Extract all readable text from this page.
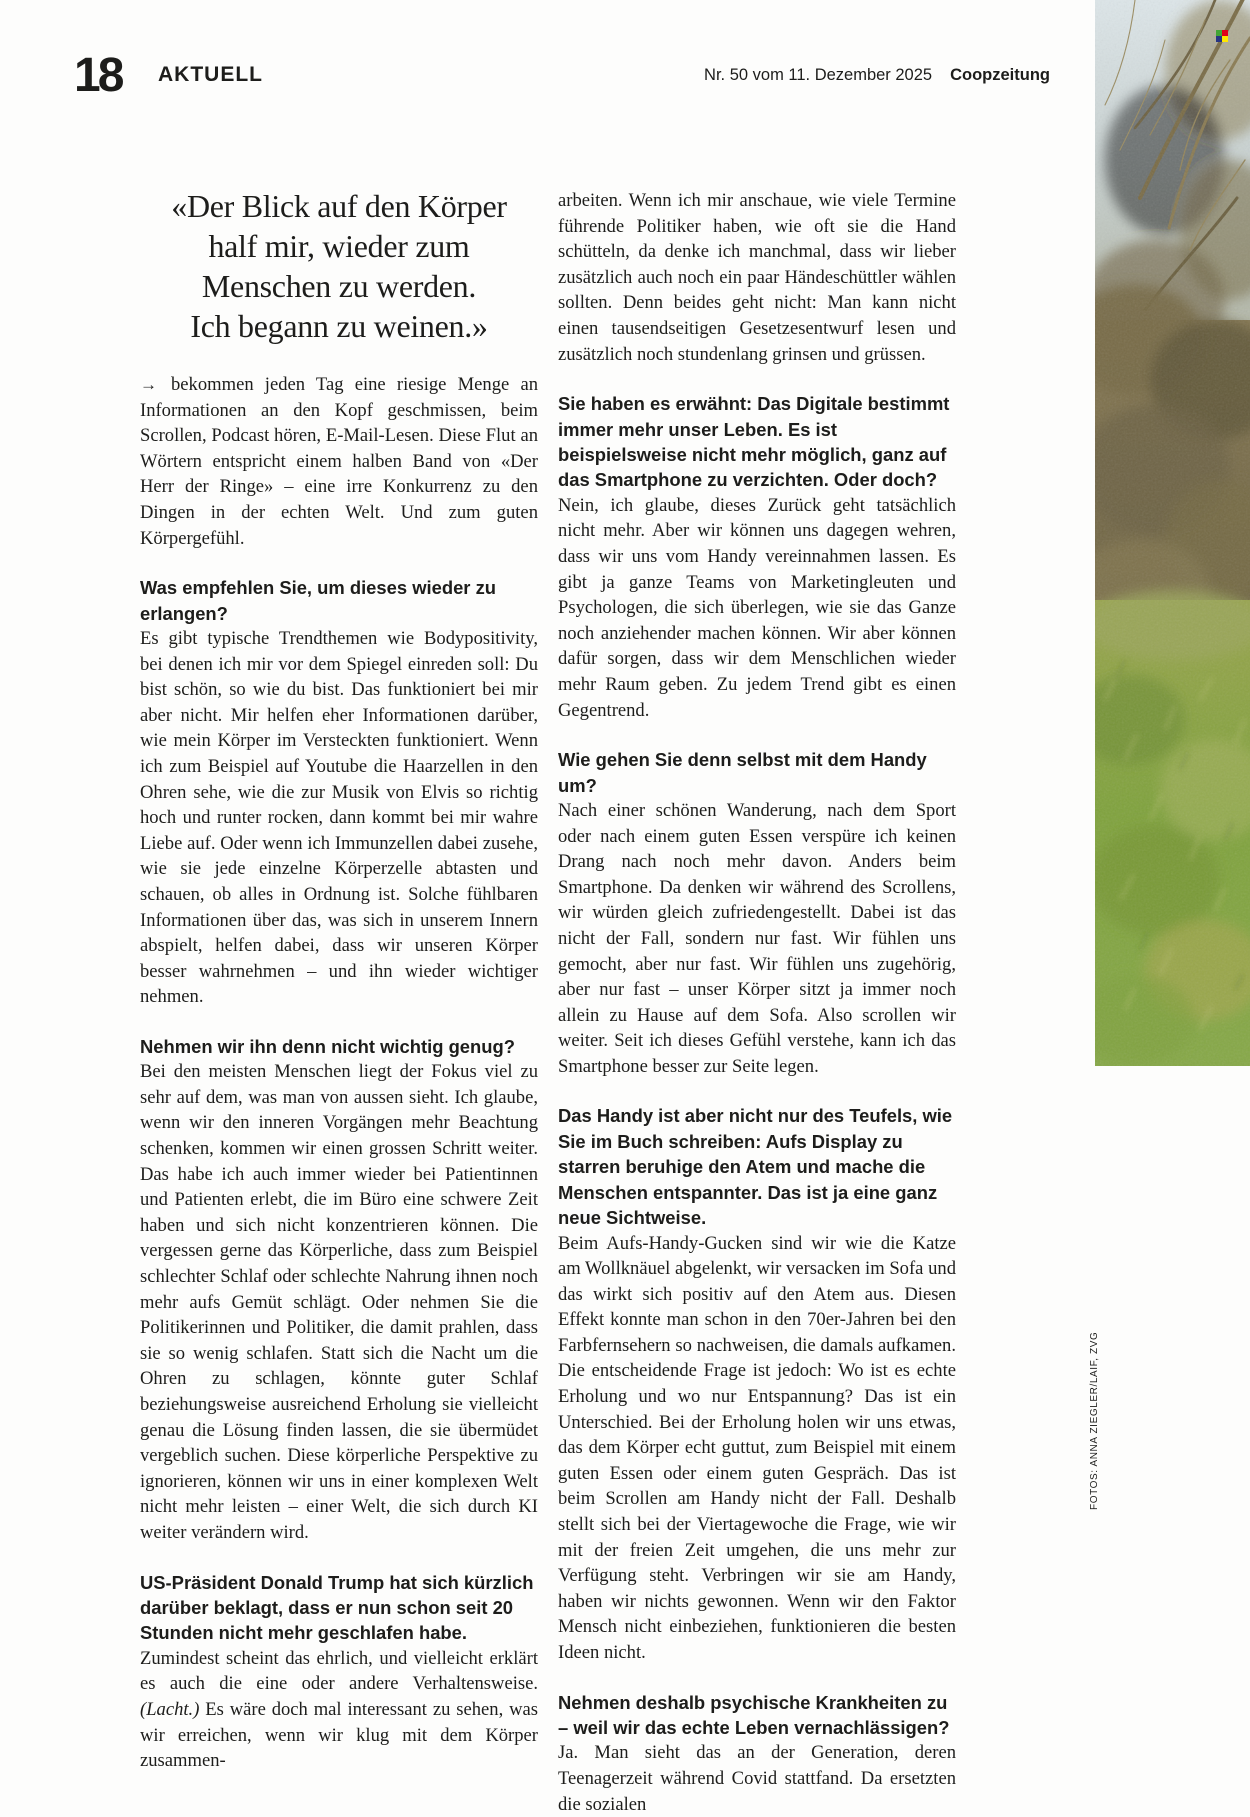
18 AKTUELL	Nr. 50 vom 11. Dezember 2025 Coopzeitung
«Der Blick auf den Körper
half mir, wieder zum
Menschen zu werden.
Ich begann zu weinen.»

→ bekommen jeden Tag eine riesige Menge an Informationen an den Kopf geschmissen, beim Scrollen, Podcast hören, E-Mail-Lesen. Diese Flut an Wörtern entspricht einem halben Band von «Der Herr der Ringe» – eine irre Konkurrenz zu den Dingen in der echten Welt. Und zum guten Körpergefühl.

Was empfehlen Sie, um dieses wieder zu erlangen?

Es gibt typische Trendthemen wie Bodypositivity, bei denen ich mir vor dem Spiegel einreden soll: Du bist schön, so wie du bist. Das funktioniert bei mir aber nicht. Mir helfen eher Informationen darüber, wie mein Körper im Versteckten funktioniert. Wenn ich zum Beispiel auf Youtube die Haarzellen in den Ohren sehe, wie die zur Musik von Elvis so richtig hoch und runter rocken, dann kommt bei mir wahre Liebe auf. Oder wenn ich Immunzellen dabei zusehe, wie sie jede einzelne Körperzelle abtasten und schauen, ob alles in Ordnung ist. Solche fühlbaren Informationen über das, was sich in unserem Innern abspielt, helfen dabei, dass wir unseren Körper besser wahrnehmen – und ihn wieder wichtiger nehmen.

Nehmen wir ihn denn nicht wichtig genug?

Bei den meisten Menschen liegt der Fokus viel zu sehr auf dem, was man von aussen sieht. Ich glaube, wenn wir den inneren Vorgängen mehr Beachtung schenken, kommen wir einen grossen Schritt weiter. Das habe ich auch immer wieder bei Patientinnen und Patienten erlebt, die im Büro eine schwere Zeit haben und sich nicht konzentrieren können. Die vergessen gerne das Körperliche, dass zum Beispiel schlechter Schlaf oder schlechte Nahrung ihnen noch mehr aufs Gemüt schlägt. Oder nehmen Sie die Politikerinnen und Politiker, die damit prahlen, dass sie so wenig schlafen. Statt sich die Nacht um die Ohren zu schlagen, könnte guter Schlaf beziehungsweise ausreichend Erholung sie vielleicht genau die Lösung finden lassen, die sie übermüdet vergeblich suchen. Diese körperliche Perspektive zu ignorieren, können wir uns in einer komplexen Welt nicht mehr leisten – einer Welt, die sich durch KI weiter verändern wird.

US-Präsident Donald Trump hat sich kürzlich darüber beklagt, dass er nun schon seit 20 Stunden nicht mehr geschlafen habe.

Zumindest scheint das ehrlich, und vielleicht erklärt es auch die eine oder andere Verhaltensweise. (Lacht.) Es wäre doch mal interessant zu sehen, was wir erreichen, wenn wir klug mit dem Körper zusammen-

arbeiten. Wenn ich mir anschaue, wie viele Termine führende Politiker haben, wie oft sie die Hand schütteln, da denke ich manchmal, dass wir lieber zusätzlich auch noch ein paar Händeschüttler wählen sollten. Denn beides geht nicht: Man kann nicht einen tausendseitigen Gesetzesentwurf lesen und zusätzlich noch stundenlang grinsen und grüssen.

Sie haben es erwähnt: Das Digitale bestimmt immer mehr unser Leben. Es ist beispielsweise nicht mehr möglich, ganz auf das Smartphone zu verzichten. Oder doch?

Nein, ich glaube, dieses Zurück geht tatsächlich nicht mehr. Aber wir können uns dagegen wehren, dass wir uns vom Handy vereinnahmen lassen. Es gibt ja ganze Teams von Marketingleuten und Psychologen, die sich überlegen, wie sie das Ganze noch anziehender machen können. Wir aber können dafür sorgen, dass wir dem Menschlichen wieder mehr Raum geben. Zu jedem Trend gibt es einen Gegentrend.

Wie gehen Sie denn selbst mit dem Handy um?

Nach einer schönen Wanderung, nach dem Sport oder nach einem guten Essen verspüre ich keinen Drang nach noch mehr davon. Anders beim Smartphone. Da denken wir während des Scrollens, wir würden gleich zufriedengestellt. Dabei ist das nicht der Fall, sondern nur fast. Wir fühlen uns gemocht, aber nur fast. Wir fühlen uns zugehörig, aber nur fast – unser Körper sitzt ja immer noch allein zu Hause auf dem Sofa. Also scrollen wir weiter. Seit ich dieses Gefühl verstehe, kann ich das Smartphone besser zur Seite legen.

Das Handy ist aber nicht nur des Teufels, wie Sie im Buch schreiben: Aufs Display zu starren beruhige den Atem und mache die Menschen entspannter. Das ist ja eine ganz neue Sichtweise.

Beim Aufs-Handy-Gucken sind wir wie die Katze am Wollknäuel abgelenkt, wir versacken im Sofa und das wirkt sich positiv auf den Atem aus. Diesen Effekt konnte man schon in den 70er-Jahren bei den Farbfernsehern so nachweisen, die damals aufkamen. Die entscheidende Frage ist jedoch: Wo ist es echte Erholung und wo nur Entspannung? Das ist ein Unterschied. Bei der Erholung holen wir uns etwas, das dem Körper echt guttut, zum Beispiel mit einem guten Essen oder einem guten Gespräch. Das ist beim Scrollen am Handy nicht der Fall. Deshalb stellt sich bei der Viertagewoche die Frage, wie wir mit der freien Zeit umgehen, die uns mehr zur Verfügung steht. Verbringen wir sie am Handy, haben wir nichts gewonnen. Wenn wir den Faktor Mensch nicht einbeziehen, funktionieren die besten Ideen nicht.

Nehmen deshalb psychische Krankheiten zu – weil wir das echte Leben vernachlässigen?

Ja. Man sieht das an der Generation, deren Teenagerzeit während Covid stattfand. Da ersetzten die sozialen

FOTOS: ANNA ZIEGLER/LAIF, ZVG
